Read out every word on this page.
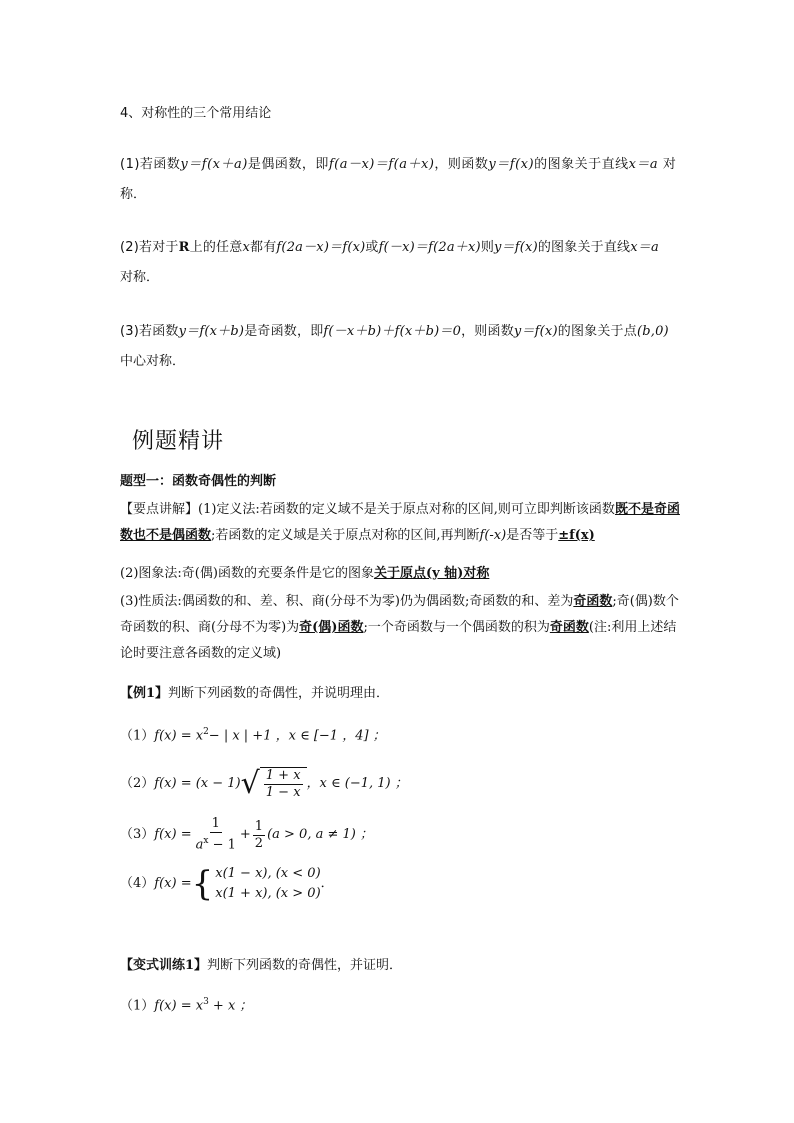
4、对称性的三个常用结论
(1)若函数y＝f(x＋a)是偶函数，即f(a－x)＝f(a＋x)，则函数y＝f(x)的图象关于直线x＝a 对
称．
(2)若对于R上的任意x都有f(2a－x)＝f(x)或f(－x)＝f(2a＋x)则y＝f(x)的图象关于直线x＝a
对称．
(3)若函数y＝f(x＋b)是奇函数，即f(－x＋b)＋f(x＋b)＝0，则函数y＝f(x)的图象关于点(b,0)
中心对称．
例题精讲
题型一：函数奇偶性的判断
【要点讲解】(1)定义法:若函数的定义域不是关于原点对称的区间,则可立即判断该函数既不是奇函数也不是偶函数;若函数的定义域是关于原点对称的区间,再判断f(-x)是否等于±f(x)
(2)图象法:奇(偶)函数的充要条件是它的图象关于原点(y 轴)对称
(3)性质法:偶函数的和、差、积、商(分母不为零)仍为偶函数;奇函数的和、差为奇函数;奇(偶)数个奇函数的积、商(分母不为零)为奇(偶)函数;一个奇函数与一个偶函数的积为奇函数(注:利用上述结论时要注意各函数的定义域)
【例1】判断下列函数的奇偶性，并说明理由．
$(1)f(x) = x^2-$ | x | +1 ，x ∈ [−1 ，4] ；
（2） f(x) = (x − 1) √ $\frac{1 + x}{1 - x}$ ，x ∈ (−1, 1) ；
（3） $f(x) = \frac{1}{a^x - 1} + \frac{1}{2} (a > 0$, a ≠ 1) ；
（4） f(x) = { x(1 − x), (x < 0)
x(1 + x), (x > 0)
．
【变式训练1】判断下列函数的奇偶性，并证明．
$(1)f(x) = x^3 + x$ ；
